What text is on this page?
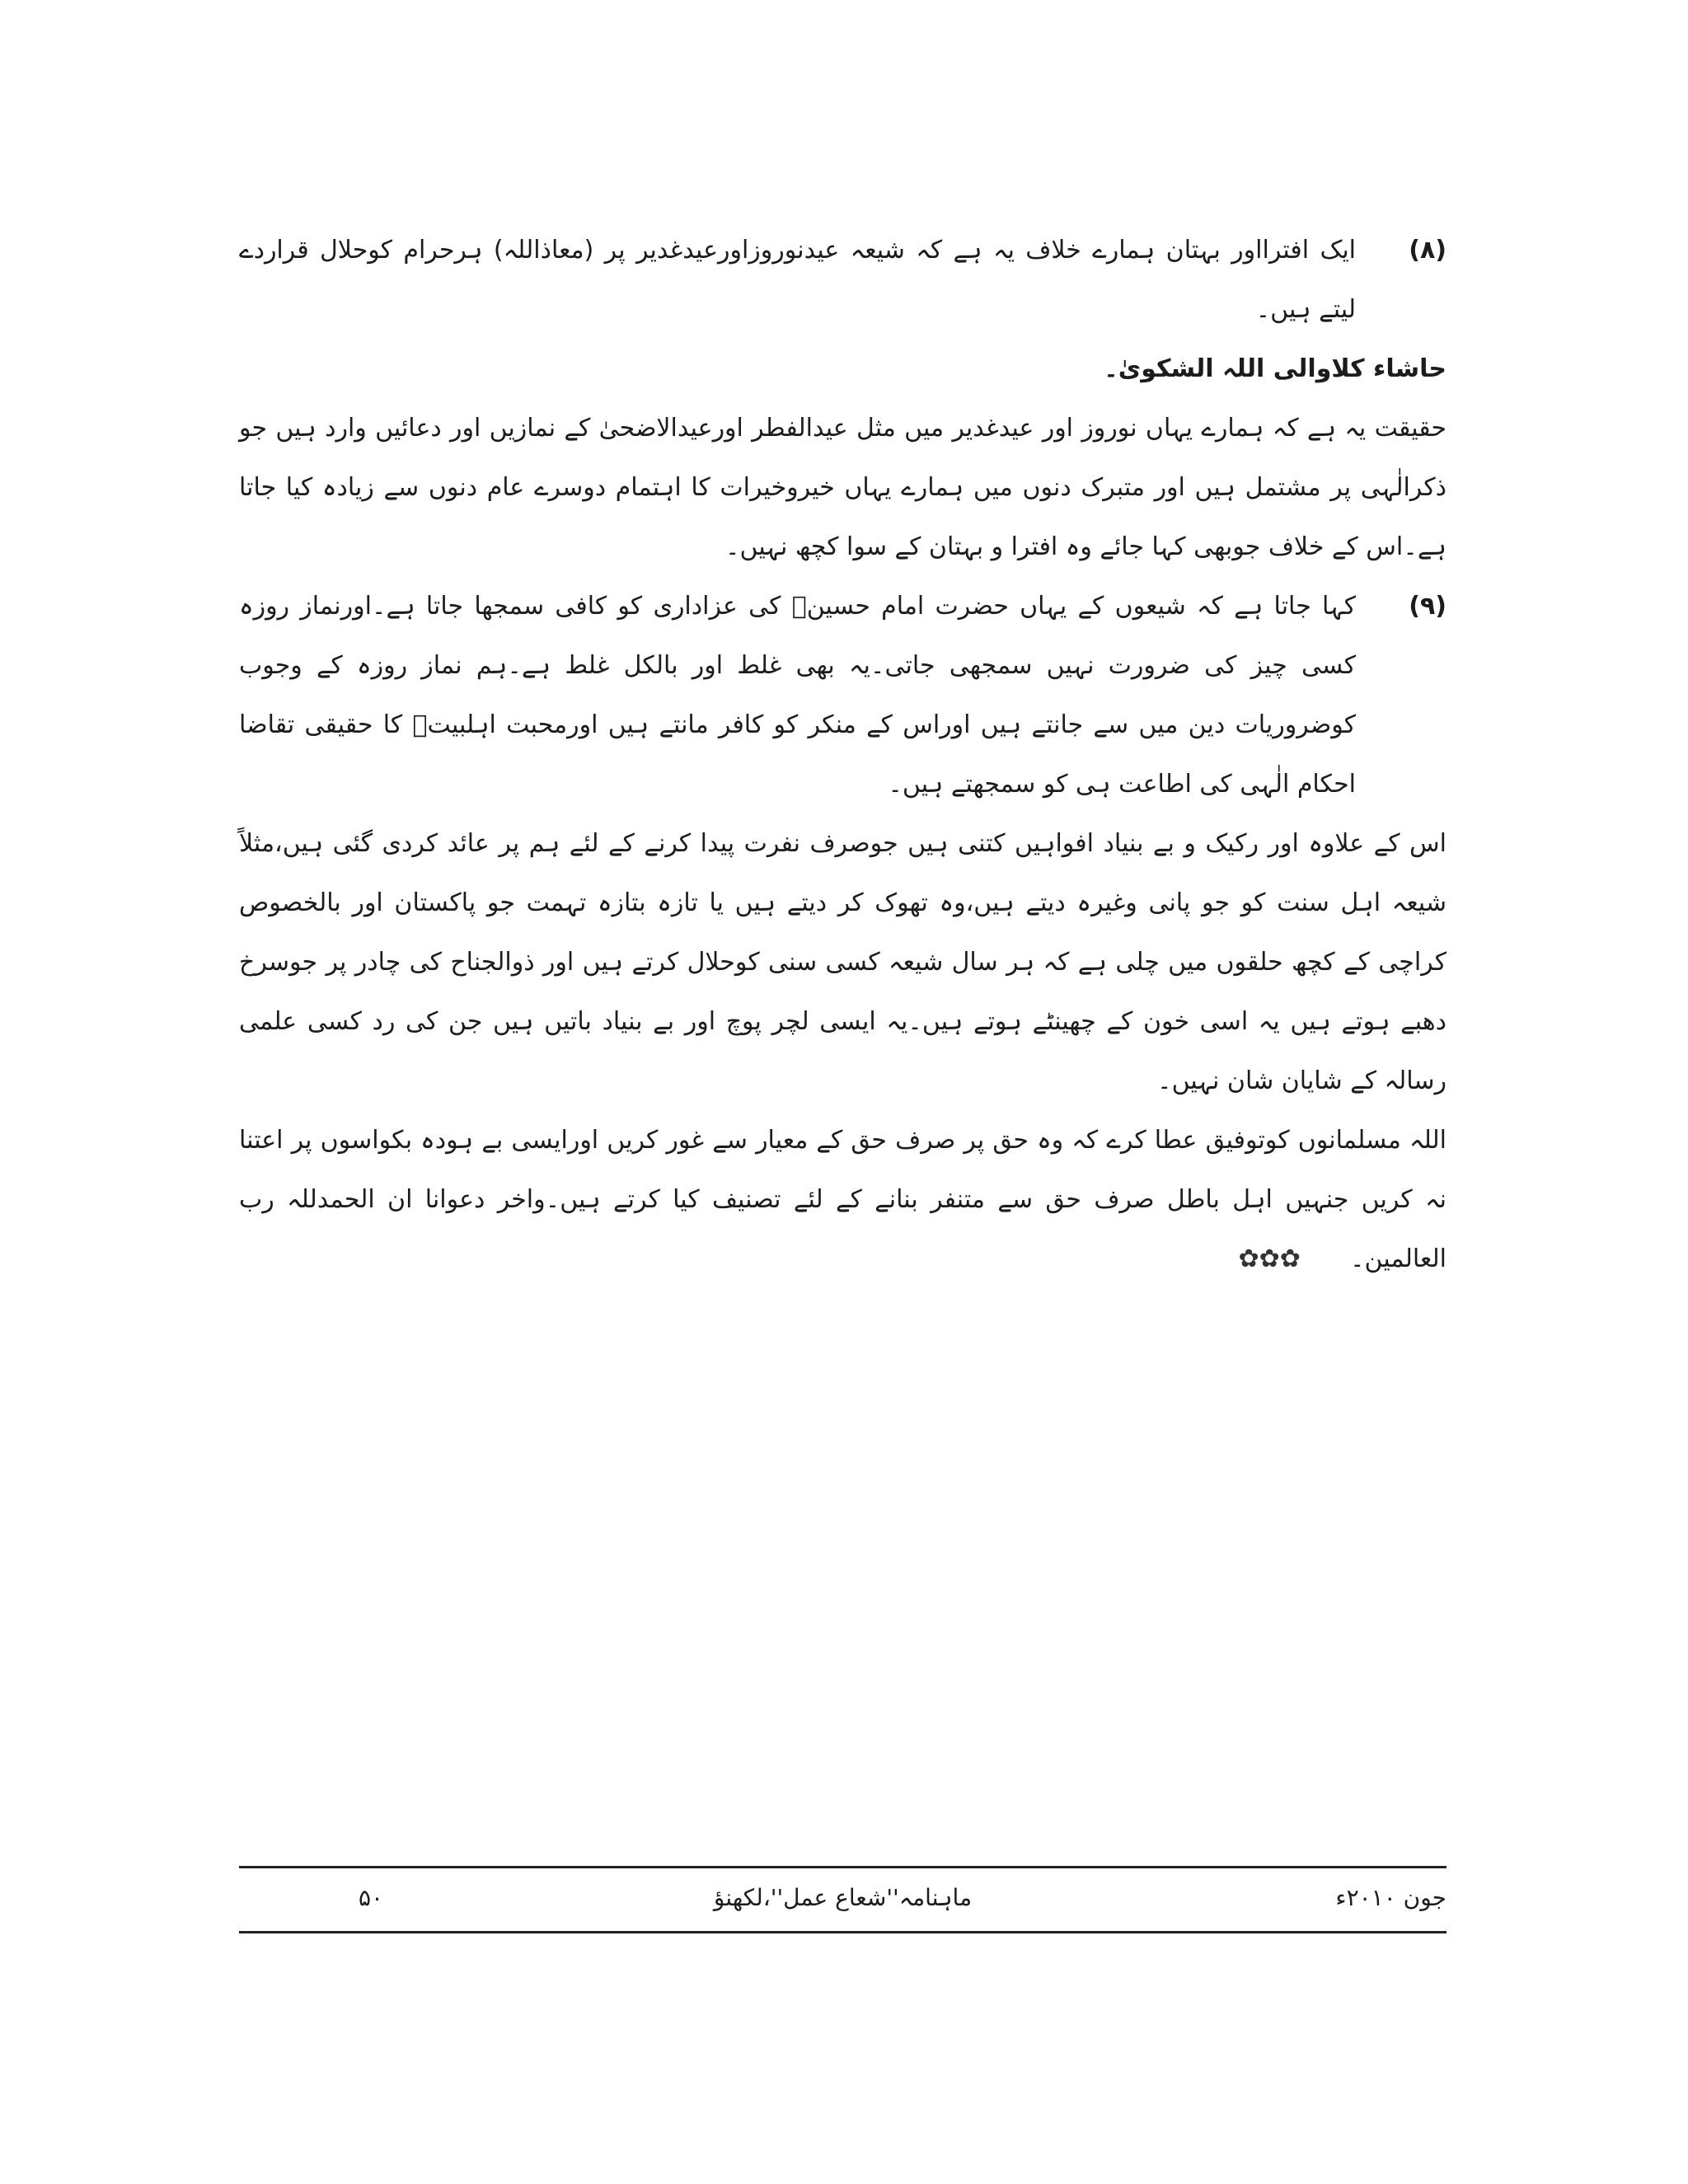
(۸)
ایک افترااور بہتان ہمارے خلاف یہ ہے کہ شیعہ عیدنوروزاورعیدغدیر پر (معاذاللہ) ہرحرام کوحلال قراردے لیتے ہیں۔

حاشاء کلاوالی اللہ الشکویٰ۔

حقیقت یہ ہے کہ ہمارے یہاں نوروز اور عیدغدیر میں مثل عیدالفطر اورعیدالاضحیٰ کے نمازیں اور دعائیں وارد ہیں جو ذکرالٰہی پر مشتمل ہیں اور متبرک دنوں میں ہمارے یہاں خیروخیرات کا اہتمام دوسرے عام دنوں سے زیادہ کیا جاتا ہے۔اس کے خلاف جوبھی کہا جائے وہ افترا و بہتان کے سوا کچھ نہیں۔

(۹)
کہا جاتا ہے کہ شیعوں کے یہاں حضرت امام حسینؑ کی عزاداری کو کافی سمجھا جاتا ہے۔اورنماز روزہ کسی چیز کی ضرورت نہیں سمجھی جاتی۔یہ بھی غلط اور بالکل غلط ہے۔ہم نماز روزہ کے وجوب کوضروریات دین میں سے جانتے ہیں اوراس کے منکر کو کافر مانتے ہیں اورمحبت اہلبیتؑ کا حقیقی تقاضا احکام الٰہی کی اطاعت ہی کو سمجھتے ہیں۔

اس کے علاوہ اور رکیک و بے بنیاد افواہیں کتنی ہیں جوصرف نفرت پیدا کرنے کے لئے ہم پر عائد کردی گئی ہیں،مثلاً شیعہ اہل سنت کو جو پانی وغیرہ دیتے ہیں،وہ تھوک کر دیتے ہیں یا تازہ بتازہ تہمت جو پاکستان اور بالخصوص کراچی کے کچھ حلقوں میں چلی ہے کہ ہر سال شیعہ کسی سنی کوحلال کرتے ہیں اور ذوالجناح کی چادر پر جوسرخ دھبے ہوتے ہیں یہ اسی خون کے چھینٹے ہوتے ہیں۔یہ ایسی لچر پوچ اور بے بنیاد باتیں ہیں جن کی رد کسی علمی رسالہ کے شایان شان نہیں۔

اللہ مسلمانوں کوتوفیق عطا کرے کہ وہ حق پر صرف حق کے معیار سے غور کریں اورایسی بے ہودہ بکواسوں پر اعتنا نہ کریں جنہیں اہل باطل صرف حق سے متنفر بنانے کے لئے تصنیف کیا کرتے ہیں۔واخر دعوانا ان الحمدللہ رب العالمین۔✿✿✿

جون ۲۰۱۰ء
ماہنامہ''شعاع عمل''،لکھنؤ
۵۰
